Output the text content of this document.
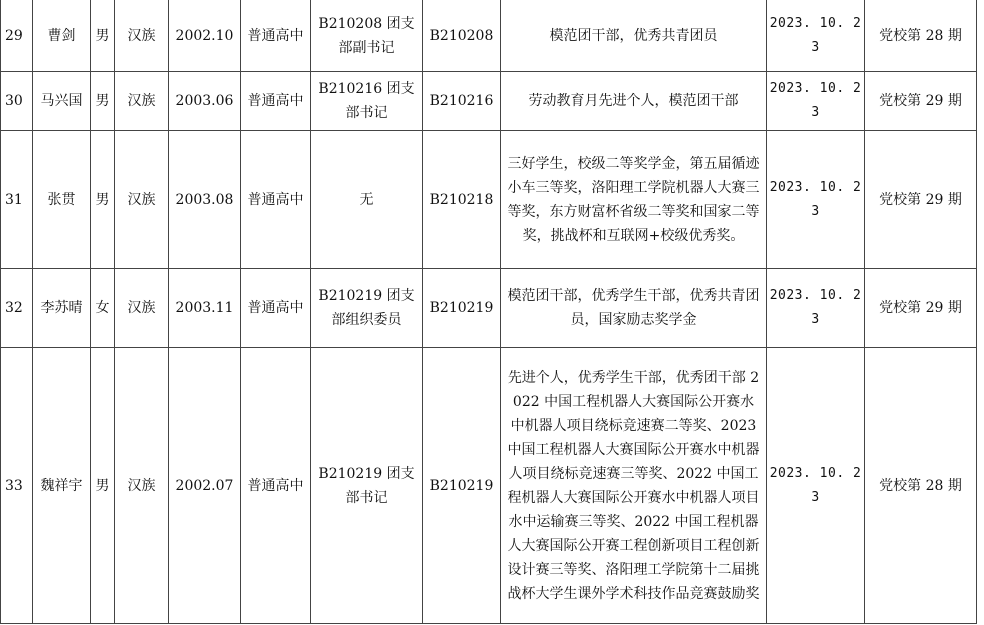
29	曹剑	男	汉族	2002.10	普通高中	B210208 团支部副书记	B210208	模范团干部，优秀共青团员	2023. 10. 23	党校第 28 期
30	马兴国	男	汉族	2003.06	普通高中	B210216 团支部书记	B210216	劳动教育月先进个人，模范团干部	2023. 10. 23	党校第 29 期
31	张贯	男	汉族	2003.08	普通高中	无	B210218	三好学生，校级二等奖学金，第五届循迹小车三等奖，洛阳理工学院机器人大赛三等奖，东方财富杯省级二等奖和国家二等奖，挑战杯和互联网+校级优秀奖。	2023. 10. 23	党校第 29 期
32	李苏晴	女	汉族	2003.11	普通高中	B210219 团支部组织委员	B210219	模范团干部，优秀学生干部，优秀共青团员，国家励志奖学金	2023. 10. 23	党校第 29 期
33	魏祥宇	男	汉族	2002.07	普通高中	B210219 团支部书记	B210219	先进个人，优秀学生干部，优秀团干部 2022 中国工程机器人大赛国际公开赛水中机器人项目绕标竞速赛二等奖、2023 中国工程机器人大赛国际公开赛水中机器人项目绕标竞速赛三等奖、2022 中国工程机器人大赛国际公开赛水中机器人项目水中运输赛三等奖、2022 中国工程机器人大赛国际公开赛工程创新项目工程创新设计赛三等奖、洛阳理工学院第十二届挑战杯大学生课外学术科技作品竞赛鼓励奖	2023. 10. 23	党校第 28 期
